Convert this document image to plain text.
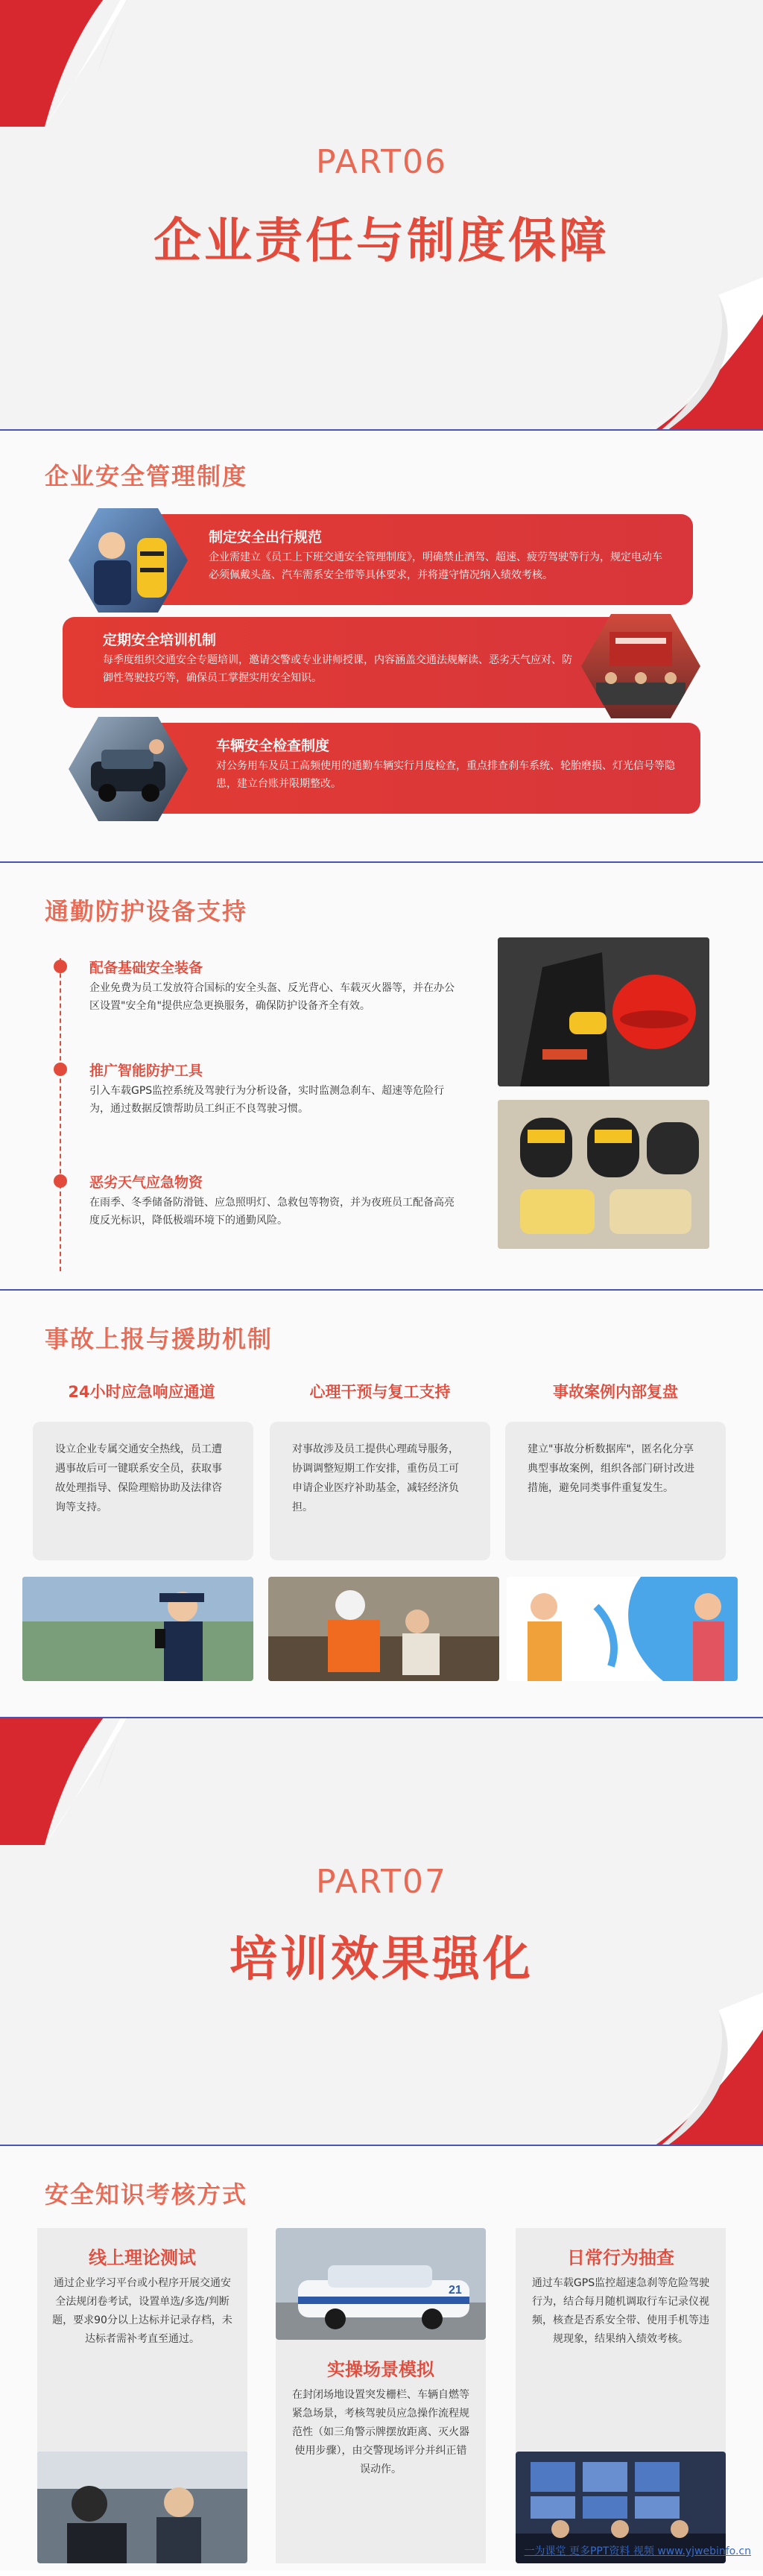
PART06
企业责任与制度保障
企业安全管理制度
制定安全出行规范
企业需建立《员工上下班交通安全管理制度》，明确禁止酒驾、超速、疲劳驾驶等行为，规定电动车必须佩戴头盔、汽车需系安全带等具体要求，并将遵守情况纳入绩效考核。
定期安全培训机制
每季度组织交通安全专题培训，邀请交警或专业讲师授课，内容涵盖交通法规解读、恶劣天气应对、防御性驾驶技巧等，确保员工掌握实用安全知识。
车辆安全检查制度
对公务用车及员工高频使用的通勤车辆实行月度检查，重点排查刹车系统、轮胎磨损、灯光信号等隐患，建立台账并限期整改。
通勤防护设备支持
配备基础安全装备
企业免费为员工发放符合国标的安全头盔、反光背心、车载灭火器等，并在办公区设置"安全角"提供应急更换服务，确保防护设备齐全有效。
推广智能防护工具
引入车载GPS监控系统及驾驶行为分析设备，实时监测急刹车、超速等危险行为，通过数据反馈帮助员工纠正不良驾驶习惯。
恶劣天气应急物资
在雨季、冬季储备防滑链、应急照明灯、急救包等物资，并为夜班员工配备高亮度反光标识，降低极端环境下的通勤风险。
事故上报与援助机制
24小时应急响应通道	心理干预与复工支持	事故案例内部复盘
设立企业专属交通安全热线，员工遭遇事故后可一键联系安全员，获取事故处理指导、保险理赔协助及法律咨询等支持。
对事故涉及员工提供心理疏导服务，协调调整短期工作安排，重伤员工可申请企业医疗补助基金，减轻经济负担。
建立"事故分析数据库"，匿名化分享典型事故案例，组织各部门研讨改进措施，避免同类事件重复发生。
PART07
培训效果强化
安全知识考核方式
线上理论测试
通过企业学习平台或小程序开展交通安全法规闭卷考试，设置单选/多选/判断题，要求90分以上达标并记录存档，未达标者需补考直至通过。
21
实操场景模拟
在封闭场地设置突发栅栏、车辆自燃等紧急场景，考核驾驶员应急操作流程规范性（如三角警示牌摆放距离、灭火器使用步骤），由交警现场评分并纠正错误动作。
日常行为抽查
通过车载GPS监控超速急刹等危险驾驶行为，结合每月随机调取行车记录仪视频，核查是否系安全带、使用手机等违规现象，结果纳入绩效考核。
一为课堂 更多PPT资料 视频 www.yjwebinfo.cn
